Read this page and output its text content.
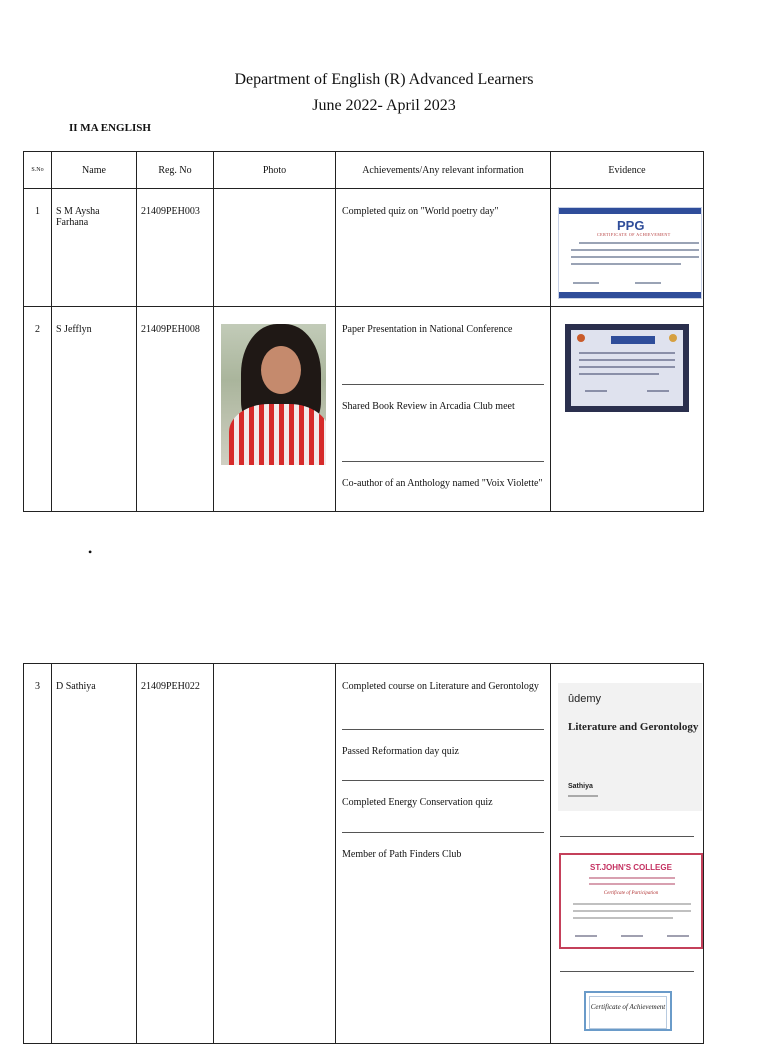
Department of English (R) Advanced Learners
June 2022- April 2023
II MA ENGLISH
S.No	Name	Reg. No	Photo	Achievements/Any relevant information	Evidence
1	S M Aysha Farhana	21409PEH003		Completed quiz on "World poetry day"	

2	S Jefflyn	21409PEH008		Paper Presentation in National Conference
Shared Book Review in Arcadia Club meet
Co-author of an Anthology named "Voix Violette"	

•
3	D Sathiya	21409PEH022		Completed course on Literature and Gerontology
Passed Reformation day quiz
Completed Energy Conservation quiz
Member of Path Finders Club

PPG
CERTIFICATE OF ACHIEVEMENT
ûdemy
Literature and Gerontology
Sathiya
ST.JOHN'S COLLEGE
Certificate of Participation
Certificate of Achievement
